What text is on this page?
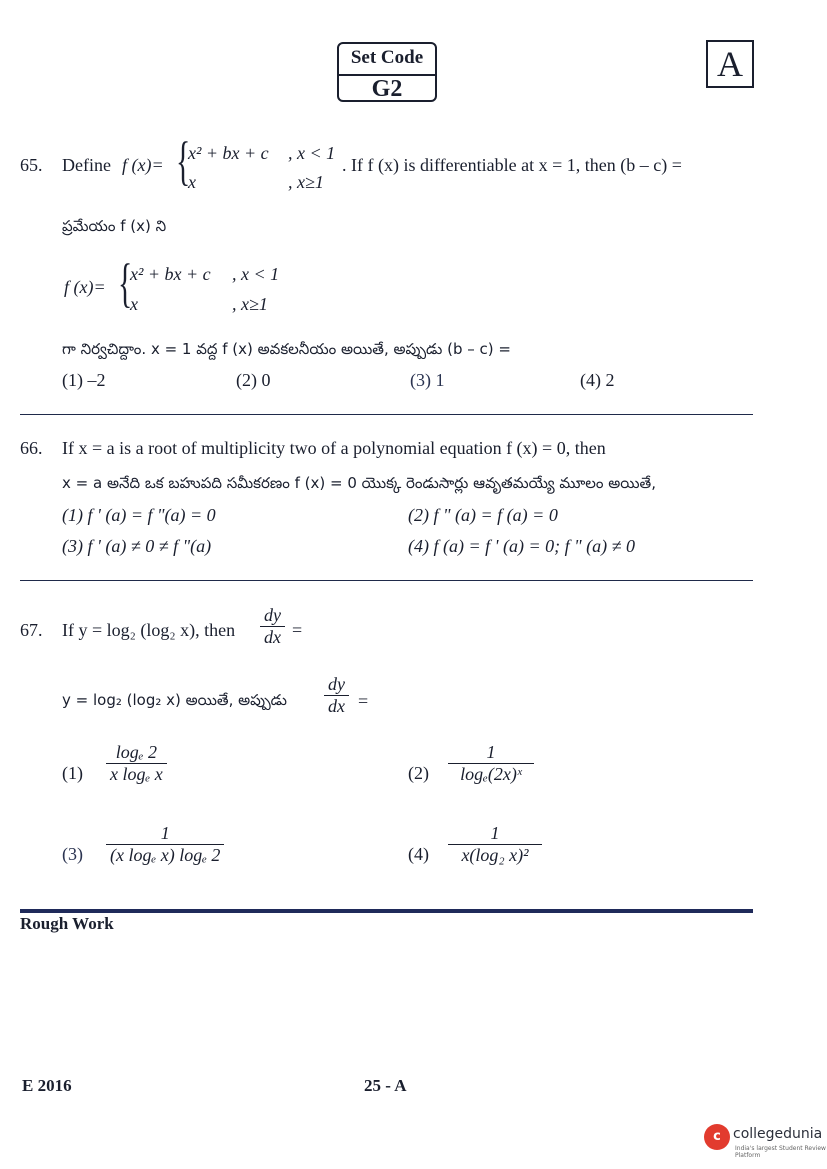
Set Code
G2
A
65. Define f (x)= {
x² + bx + c , x < 1
x	, x≥1
. If f (x) is differentiable at x = 1, then (b – c) =
ప్రమేయం f (x) ని
f (x)= {
x² + bx + c , x < 1
x	, x≥1
గా నిర్వచిద్దాం. x = 1 వద్ద f (x) అవకలనీయం అయితే, అప్పుడు (b – c) =
(1) –2	(2) 0	(3) 1	(4) 2
66. If x = a is a root of multiplicity two of a polynomial equation f (x) = 0, then
x = a అనేది ఒక బహుపది సమీకరణం f (x) = 0 యొక్క రెండుసార్లు ఆవృతమయ్యే మూలం అయితే,
(1) f ' (a) = f "(a) = 0	(2) f " (a) = f (a) = 0
(3) f ' (a) ≠ 0 ≠ f "(a)	(4) f (a) = f ' (a) = 0; f " (a) ≠ 0
67. If y = log₂ (log₂ x), then $\frac{dy}{dx}$ =
y = log₂ (log₂ x) అయితే, అప్పుడు $\frac{dy}{dx}$ =
$(1) \frac{\text{logₑ 2}}{\text{x logₑ x}}$	$(2) \frac{1}{\text{logₑ(2x)ˣ}}$
$(3) \frac{1}{\text{(x logₑ x) logₑ 2}}$	$(4) \frac{1}{\text{x(log₂ x)²}}$
Rough Work
E 2016	25 - A
c collegedunia
India's largest Student Review Platform
